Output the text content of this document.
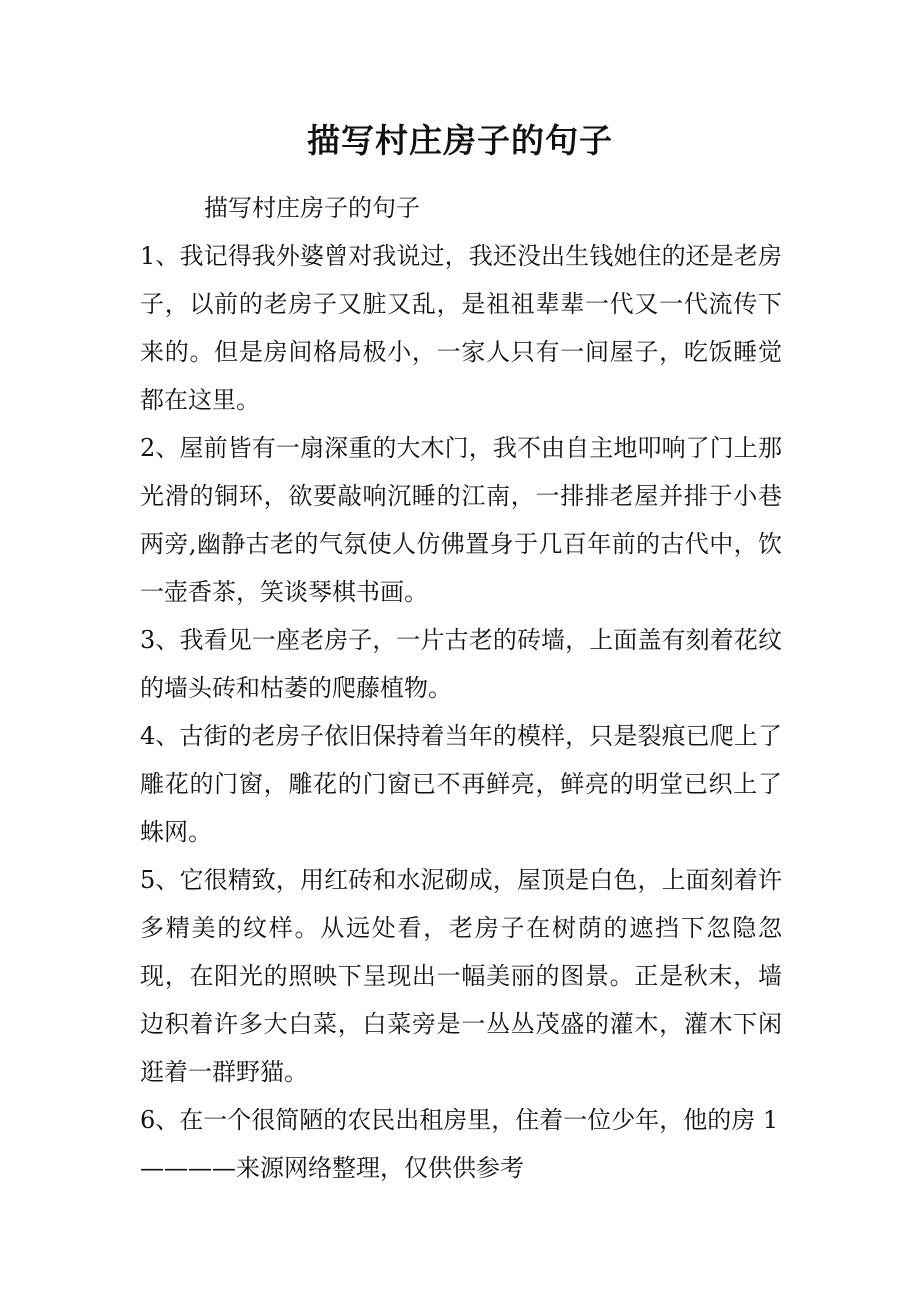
描写村庄房子的句子

描写村庄房子的句子

1、我记得我外婆曾对我说过，我还没出生钱她住的还是老房子，以前的老房子又脏又乱，是祖祖辈辈一代又一代流传下来的。但是房间格局极小，一家人只有一间屋子，吃饭睡觉都在这里。

2、屋前皆有一扇深重的大木门，我不由自主地叩响了门上那光滑的铜环，欲要敲响沉睡的江南，一排排老屋并排于小巷两旁,幽静古老的气氛使人仿佛置身于几百年前的古代中，饮一壶香茶，笑谈琴棋书画。

3、我看见一座老房子，一片古老的砖墙，上面盖有刻着花纹的墙头砖和枯萎的爬藤植物。

4、古街的老房子依旧保持着当年的模样，只是裂痕已爬上了雕花的门窗，雕花的门窗已不再鲜亮，鲜亮的明堂已织上了蛛网。

5、它很精致，用红砖和水泥砌成，屋顶是白色，上面刻着许多精美的纹样。从远处看，老房子在树荫的遮挡下忽隐忽现，在阳光的照映下呈现出一幅美丽的图景。正是秋末，墙边积着许多大白菜，白菜旁是一丛丛茂盛的灌木，灌木下闲逛着一群野猫。

6、在一个很简陋的农民出租房里，住着一位少年，他的房 1

————来源网络整理，仅供供参考
